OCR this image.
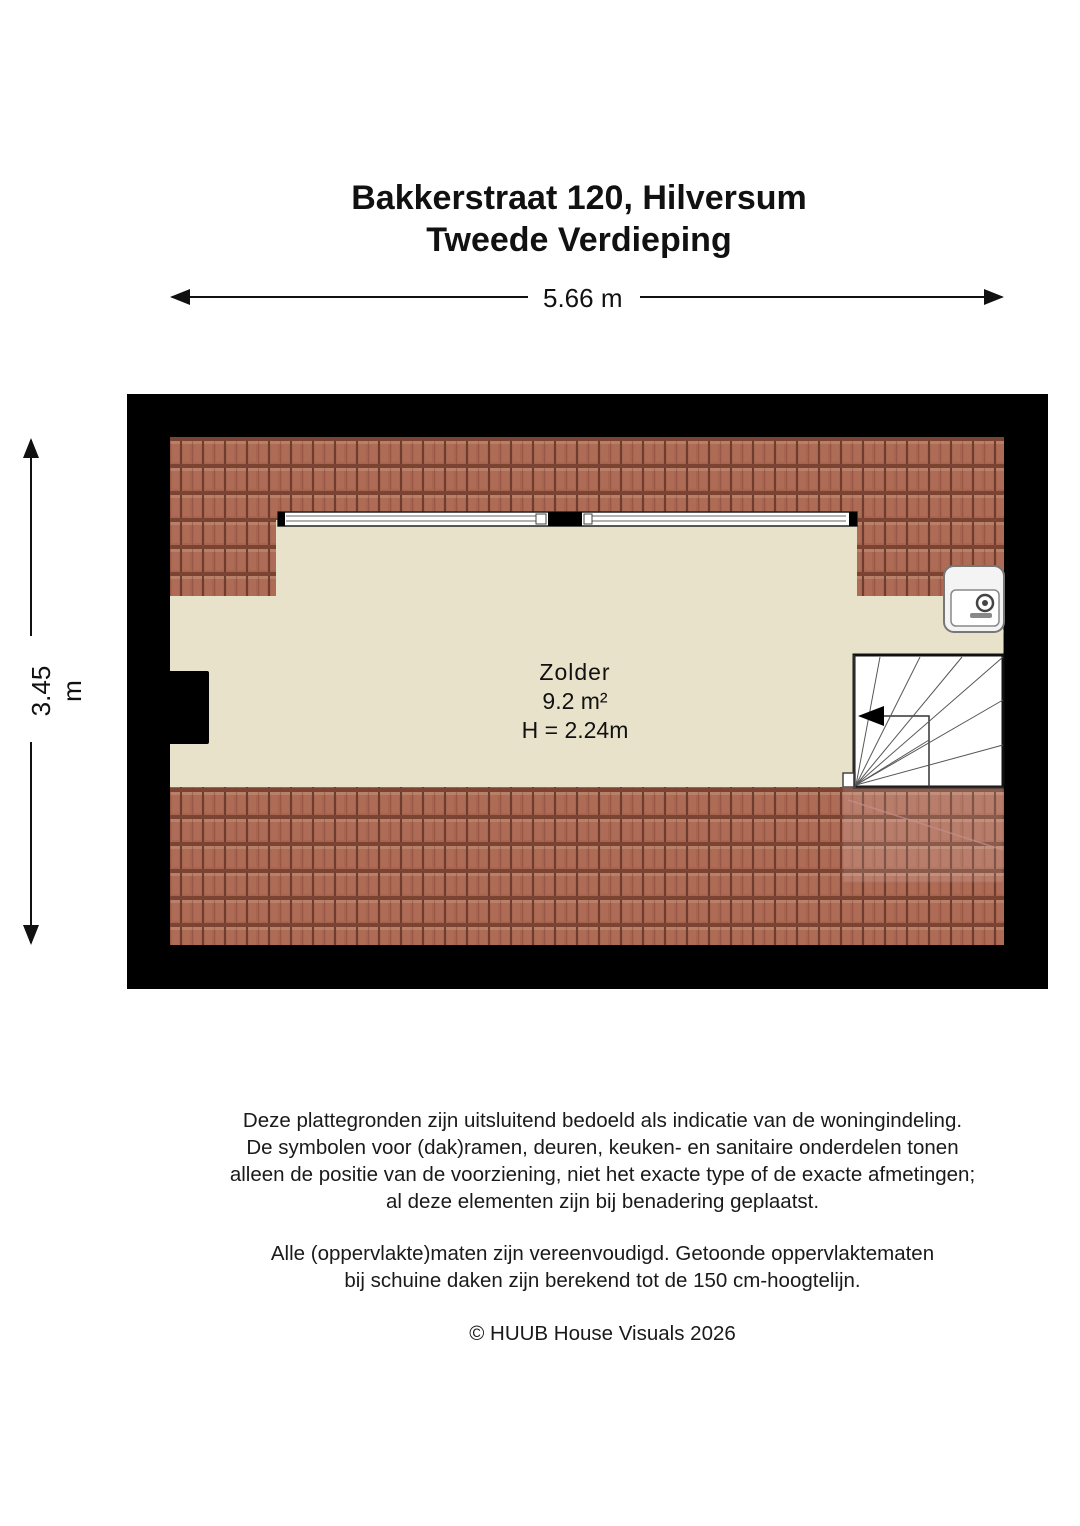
Bakkerstraat 120, Hilversum
Tweede Verdieping
5.66 m
3.45 m
Zolder
9.2 m²
H = 2.24m

Deze plattegronden zijn uitsluitend bedoeld als indicatie van de woningindeling.

De symbolen voor (dak)ramen, deuren, keuken- en sanitaire onderdelen tonen

alleen de positie van de voorziening, niet het exacte type of de exacte afmetingen;

al deze elementen zijn bij benadering geplaatst.

Alle (oppervlakte)maten zijn vereenvoudigd. Getoonde oppervlaktematen

bij schuine daken zijn berekend tot de 150 cm-hoogtelijn.

© HUUB House Visuals 2026
